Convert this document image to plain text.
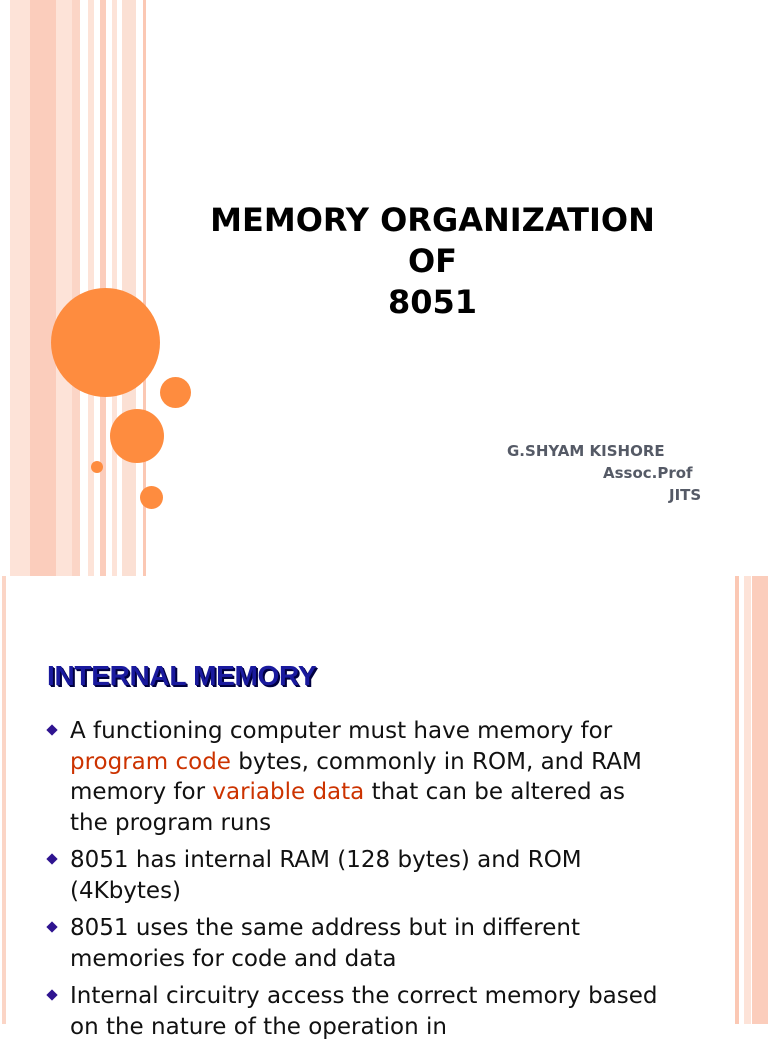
MEMORY ORGANIZATION
OF
8051
G.SHYAM KISHORE
Assoc.Prof
JITS
INTERNAL MEMORY
A functioning computer must have memory for program code bytes, commonly in ROM, and RAM memory for variable data that can be altered as the program runs
8051 has internal RAM (128 bytes) and ROM (4Kbytes)
8051 uses the same address but in different memories for code and data
Internal circuitry access the correct memory based on the nature of the operation in
